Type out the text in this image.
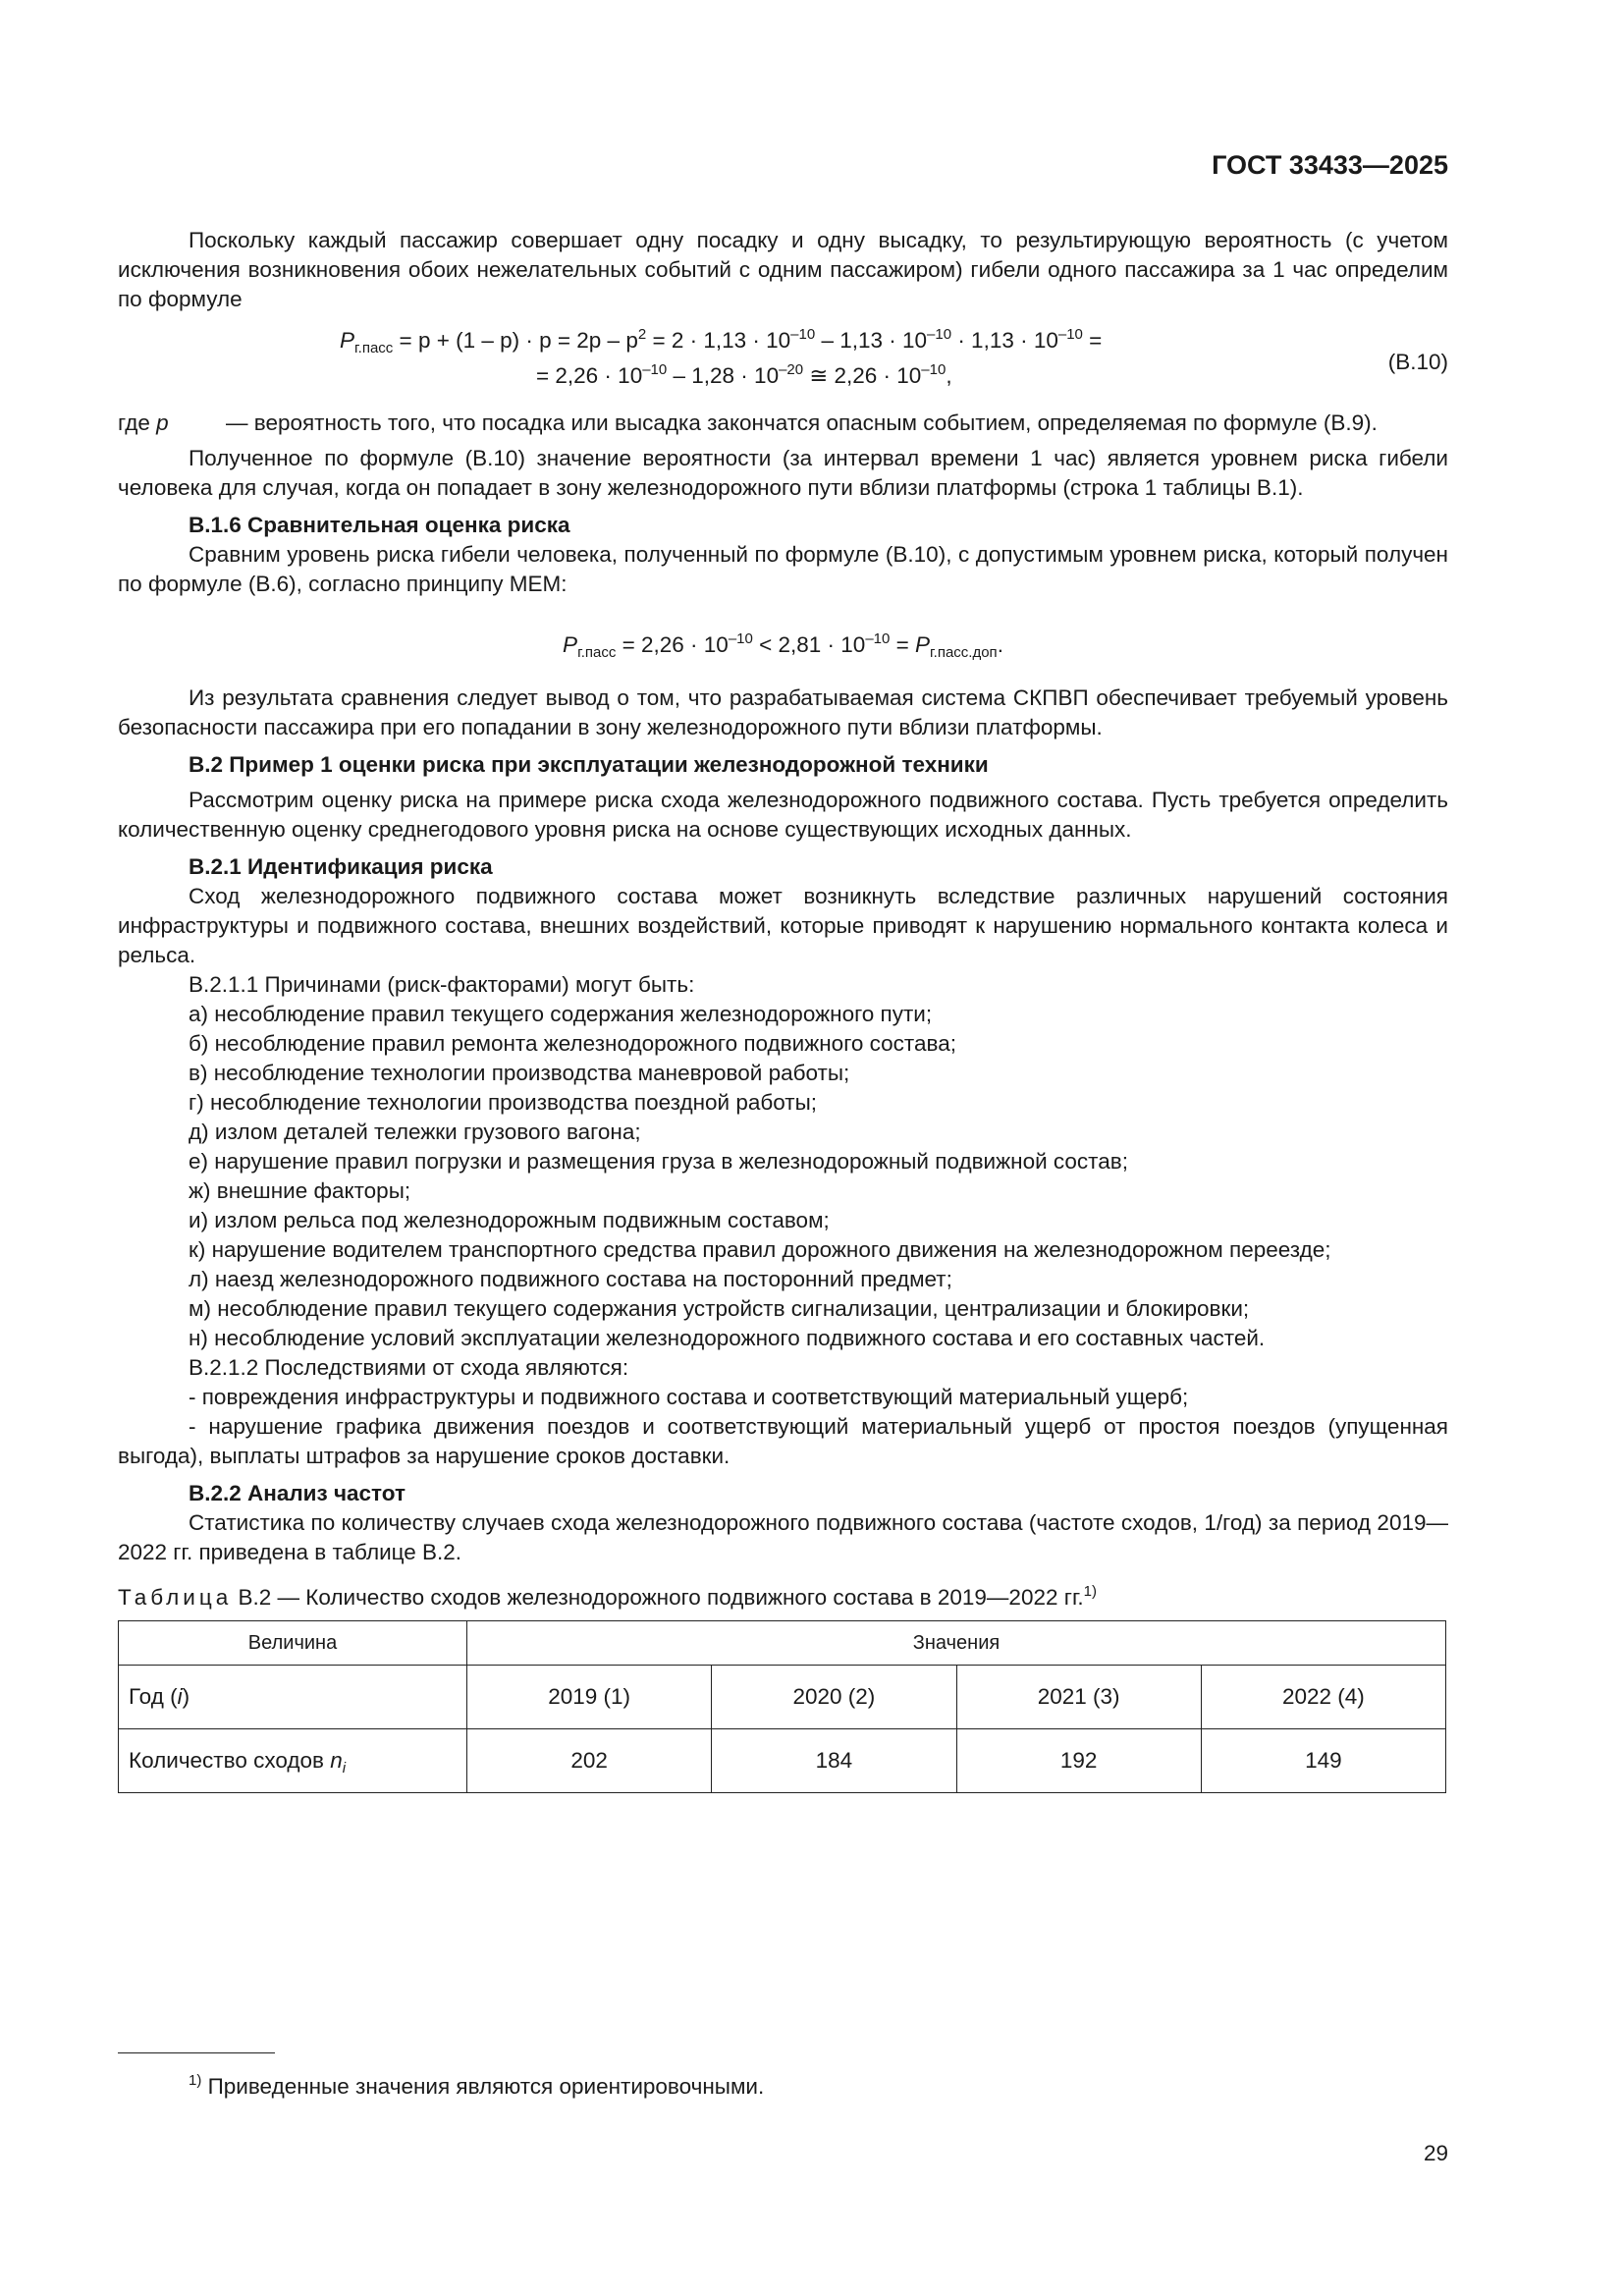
ГОСТ 33433—2025

Поскольку каждый пассажир совершает одну посадку и одну высадку, то результирующую вероятность (с учетом исключения возникновения обоих нежелательных событий с одним пассажиром) гибели одного пассажира за 1 час определим по формуле

$P_{г.пасс} = p + (1 - p) \cdot p = 2p - p^2 = 2 \cdot 1,13 \cdot 10^{-10} - 1,13 \cdot 10^{-10} \cdot 1,13 \cdot 10^{-10}$ =
= $2,26 \cdot 10^{-10} - 1,28 \cdot 10^{-20}$ ≅ $2,26 \cdot 10^{-10}$,
(В.10)
где p	— вероятность того, что посадка или высадка закончатся опасным событием, определяемая по формуле (В.9).

Полученное по формуле (В.10) значение вероятности (за интервал времени 1 час) является уровнем риска гибели человека для случая, когда он попадает в зону железнодорожного пути вблизи платформы (строка 1 таблицы В.1).

В.1.6 Сравнительная оценка риска

Сравним уровень риска гибели человека, полученный по формуле (В.10), с допустимым уровнем риска, который получен по формуле (В.6), согласно принципу МЕМ:

$P_{г.пасс} = 2,26 \cdot 10^{-10} < 2,81 \cdot 10^{-10} = P_{г.пасс.доп}$.

Из результата сравнения следует вывод о том, что разрабатываемая система СКПВП обеспечивает требуемый уровень безопасности пассажира при его попадании в зону железнодорожного пути вблизи платформы.

В.2 Пример 1 оценки риска при эксплуатации железнодорожной техники

Рассмотрим оценку риска на примере риска схода железнодорожного подвижного состава. Пусть требуется определить количественную оценку среднегодового уровня риска на основе существующих исходных данных.

В.2.1 Идентификация риска

Сход железнодорожного подвижного состава может возникнуть вследствие различных нарушений состояния инфраструктуры и подвижного состава, внешних воздействий, которые приводят к нарушению нормального контакта колеса и рельса.

В.2.1.1 Причинами (риск-факторами) могут быть:

а) несоблюдение правил текущего содержания железнодорожного пути;

б) несоблюдение правил ремонта железнодорожного подвижного состава;

в) несоблюдение технологии производства маневровой работы;

г) несоблюдение технологии производства поездной работы;

д) излом деталей тележки грузового вагона;

е) нарушение правил погрузки и размещения груза в железнодорожный подвижной состав;

ж) внешние факторы;

и) излом рельса под железнодорожным подвижным составом;

к) нарушение водителем транспортного средства правил дорожного движения на железнодорожном переезде;

л) наезд железнодорожного подвижного состава на посторонний предмет;

м) несоблюдение правил текущего содержания устройств сигнализации, централизации и блокировки;

н) несоблюдение условий эксплуатации железнодорожного подвижного состава и его составных частей.

В.2.1.2 Последствиями от схода являются:

- повреждения инфраструктуры и подвижного состава и соответствующий материальный ущерб;

- нарушение графика движения поездов и соответствующий материальный ущерб от простоя поездов (упущенная выгода), выплаты штрафов за нарушение сроков доставки.

В.2.2 Анализ частот

Статистика по количеству случаев схода железнодорожного подвижного состава (частоте сходов, 1/год) за период 2019—2022 гг. приведена в таблице В.2.

Таблица В.2 — Количество сходов железнодорожного подвижного состава в 2019—2022 гг.$^{1)}$

Величина	Значения			
Год (i)	2019 (1)	2020 (2)	2021 (3)	2022 (4)
Количество сходов $n_i$	202	184	192	149
$^{1)}$ Приведенные значения являются ориентировочными.
29
